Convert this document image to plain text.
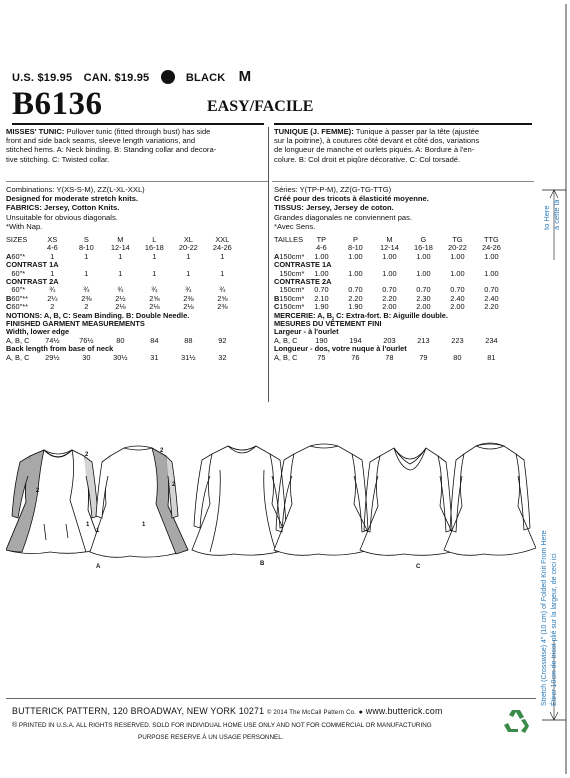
U.S. $19.95 CAN. $19.95	BLACK M
B6136	EASY/FACILE

MISSES' TUNIC: Pullover tunic (fitted through bust) has side

front and side back seams, sleeve length variations, and

stitched hems. A: Neck binding. B: Standing collar and decora-

tive stitching. C: Twisted collar.

Combinations: Y(XS-S-M), ZZ(L-XL-XXL)

Designed for moderate stretch knits.

FABRICS: Jersey, Cotton Knits.

Unsuitable for obvious diagonals.

*With Nap.

SIZES		XS	S	M	L	XL	XXL
		4-6	8-10	12-14	16-18	20-22	24-26
A	60"*	1	1	1	1	1	1
CONTRAST 1A							
	60"*	1	1	1	1	1	1
CONTRAST 2A							
	60"*	¾	¾	¾	¾	¾	¾
B	60"**	2¼	2⅜	2½	2⅝	2⅜	2⅝
C	60"**	2	2	2⅛	2⅛	2⅛	2⅜
NOTIONS: A, B, C: Seam Binding. B: Double Needle.							
FINISHED GARMENT MEASUREMENTS							
Width, lower edge							
A, B, C		74½	76½	80	84	88	92
Back length from base of neck							
A, B, C		29½	30	30½	31	31½	32

TUNIQUE (J. FEMME): Tunique à passer par la tête (ajustée

sur la poitrine), à coutures côté devant et côté dos, variations

de longueur de manche et ourlets piqués. A: Bordure à l'en-

colure. B: Col droit et piqûre décorative. C: Col torsadé.

Séries: Y(TP-P-M), ZZ(G-TG-TTG)

Créé pour des tricots à élasticité moyenne.

TISSUS: Jersey, Jersey de coton.

Grandes diagonales ne conviennent pas.

*Avec Sens.

TAILLES		TP	P	M	G	TG	TTG
		4-6	8-10	12-14	16-18	20-22	24-26
A	150cm*	1.00	1.00	1.00	1.00	1.00	1.00
CONTRASTE 1A							
	150cm*	1.00	1.00	1.00	1.00	1.00	1.00
CONTRASTE 2A							
	150cm*	0.70	0.70	0.70	0.70	0.70	0.70
B	150cm*	2.10	2.20	2.20	2.30	2.40	2.40
C	150cm*	1.90	1.90	2.00	2.00	2.00	2.20
MERCERIE: A, B, C: Extra-fort. B: Aiguille double.							
MESURES DU VÊTEMENT FINI							
Largeur - à l'ourlet							
A, B, C		190	194	203	213	223	234
Longueur - dos, votre nuque à l'ourlet							
A, B, C		75	76	78	79	80	81
2
2
2
1
1
1
2
A	B	C
to Here à cette là
Stretch (Crosswise) 4" (10 cm) of Folded Knit From Here Étirer 10cm de tricot plié sur la largeur, de ceci ici
BUTTERICK PATTERN, 120 BROADWAY, NEW YORK 10271 © 2014 The McCall Pattern Co. ● www.butterick.com
® PRINTED IN U.S.A. ALL RIGHTS RESERVED. SOLD FOR INDIVIDUAL HOME USE ONLY AND NOT FOR COMMERCIAL OR MANUFACTURING
PURPOSE RESERVE À UN USAGE PERSONNEL.
